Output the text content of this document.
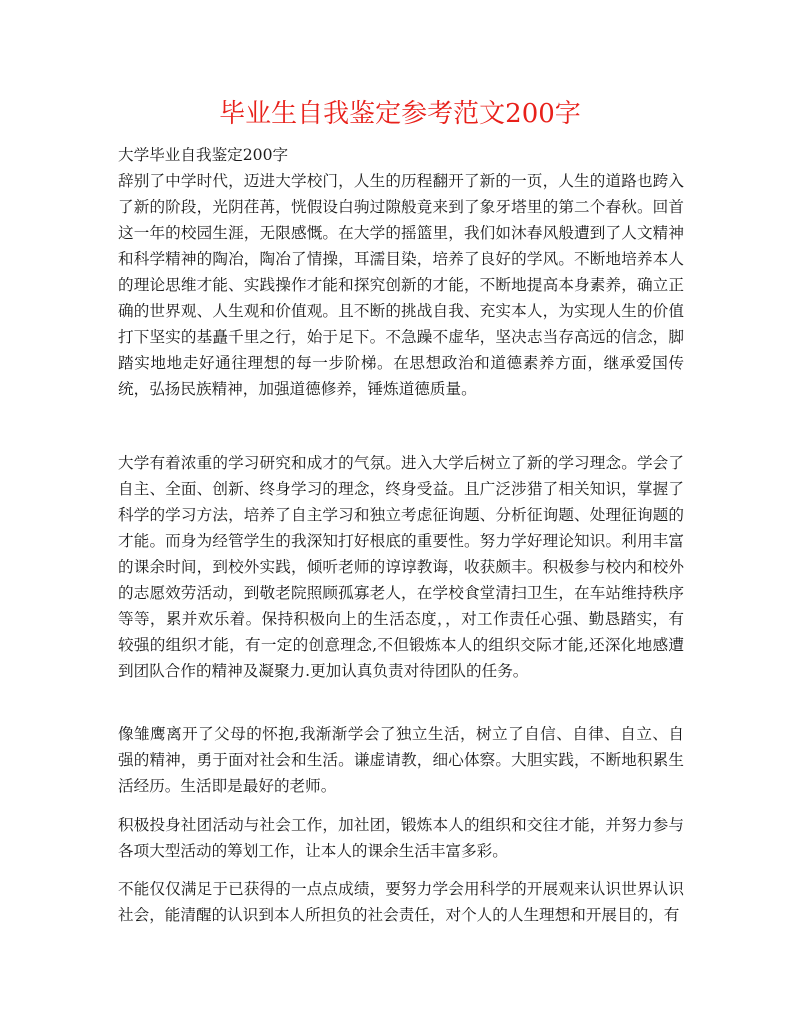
毕业生自我鉴定参考范文200字

大学毕业自我鉴定200字

辞别了中学时代，迈进大学校门，人生的历程翻开了新的一页，人生的道路也跨入了新的阶段，光阴荏苒，恍假设白驹过隙般竟来到了象牙塔里的第二个春秋。回首这一年的校园生涯，无限感慨。在大学的摇篮里，我们如沐春风般遭到了人文精神和科学精神的陶冶，陶冶了情操，耳濡目染，培养了良好的学风。不断地培养本人的理论思维才能、实践操作才能和探究创新的才能，不断地提高本身素养，确立正确的世界观、人生观和价值观。且不断的挑战自我、充实本人，为实现人生的价值打下坚实的基矗千里之行，始于足下。不急躁不虚华，坚决志当存高远的信念，脚踏实地地走好通往理想的每一步阶梯。在思想政治和道德素养方面，继承爱国传统，弘扬民族精神，加强道德修养，锤炼道德质量。

大学有着浓重的学习研究和成才的气氛。进入大学后树立了新的学习理念。学会了自主、全面、创新、终身学习的理念，终身受益。且广泛涉猎了相关知识，掌握了科学的学习方法，培养了自主学习和独立考虑征询题、分析征询题、处理征询题的才能。而身为经管学生的我深知打好根底的重要性。努力学好理论知识。利用丰富的课余时间，到校外实践，倾听老师的谆谆教诲，收获颇丰。积极参与校内和校外的志愿效劳活动，到敬老院照顾孤寡老人，在学校食堂清扫卫生，在车站维持秩序等等，累并欢乐着。保持积极向上的生活态度，，对工作责任心强、勤恳踏实，有较强的组织才能，有一定的创意理念,不但锻炼本人的组织交际才能,还深化地感遭到团队合作的精神及凝聚力.更加认真负责对待团队的任务。

像雏鹰离开了父母的怀抱,我渐渐学会了独立生活，树立了自信、自律、自立、自强的精神，勇于面对社会和生活。谦虚请教，细心体察。大胆实践，不断地积累生活经历。生活即是最好的老师。

积极投身社团活动与社会工作，加社团，锻炼本人的组织和交往才能，并努力参与各项大型活动的筹划工作，让本人的课余生活丰富多彩。

不能仅仅满足于已获得的一点点成绩，要努力学会用科学的开展观来认识世界认识社会，能清醒的认识到本人所担负的社会责任，对个人的人生理想和开展目的，有
